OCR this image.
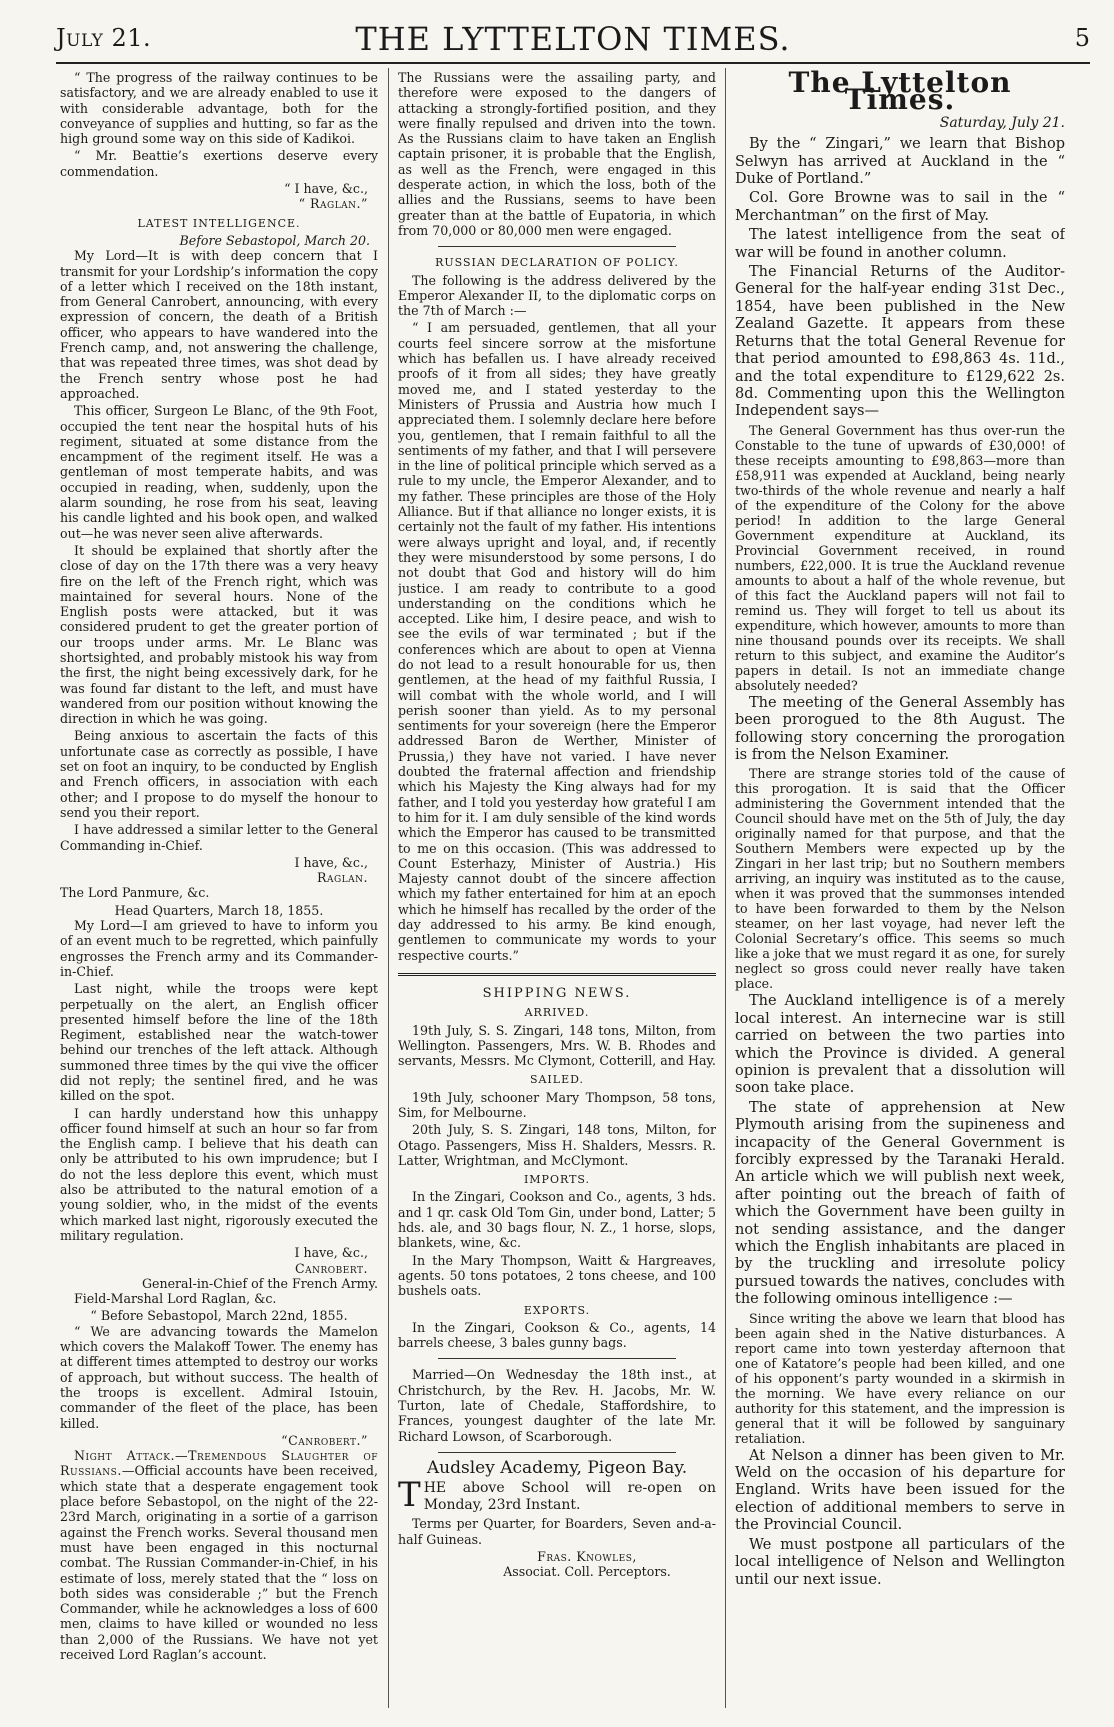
July 21.	THE LYTTELTON TIMES.	5

“ The progress of the railway continues to be satisfactory, and we are already enabled to use it with considerable advantage, both for the conveyance of supplies and hutting, so far as the high ground some way on this side of Kadikoi.

“ Mr. Beattie’s exertions deserve every commendation.

“ I have, &c.,
“ Raglan.”
LATEST INTELLIGENCE.
Before Sebastopol, March 20.

My Lord—It is with deep concern that I transmit for your Lordship’s information the copy of a letter which I received on the 18th instant, from General Canrobert, announcing, with every expression of concern, the death of a British officer, who appears to have wandered into the French camp, and, not answering the challenge, that was repeated three times, was shot dead by the French sentry whose post he had approached.

This officer, Surgeon Le Blanc, of the 9th Foot, occupied the tent near the hospital huts of his regiment, situated at some distance from the encampment of the regiment itself. He was a gentleman of most temperate habits, and was occupied in reading, when, suddenly, upon the alarm sounding, he rose from his seat, leaving his candle lighted and his book open, and walked out—he was never seen alive afterwards.

It should be explained that shortly after the close of day on the 17th there was a very heavy fire on the left of the French right, which was maintained for several hours. None of the English posts were attacked, but it was considered prudent to get the greater portion of our troops under arms. Mr. Le Blanc was shortsighted, and probably mistook his way from the first, the night being excessively dark, for he was found far distant to the left, and must have wandered from our position without knowing the direction in which he was going.

Being anxious to ascertain the facts of this unfortunate case as correctly as possible, I have set on foot an inquiry, to be conducted by English and French officers, in association with each other; and I propose to do myself the honour to send you their report.

I have addressed a similar letter to the General Commanding in-Chief.

I have, &c.,
Raglan.

The Lord Panmure, &c.

Head Quarters, March 18, 1855.

My Lord—I am grieved to have to inform you of an event much to be regretted, which painfully engrosses the French army and its Commander-in-Chief.

Last night, while the troops were kept perpetually on the alert, an English officer presented himself before the line of the 18th Regiment, established near the watch-tower behind our trenches of the left attack. Although summoned three times by the qui vive the officer did not reply; the sentinel fired, and he was killed on the spot.

I can hardly understand how this unhappy officer found himself at such an hour so far from the English camp. I believe that his death can only be attributed to his own imprudence; but I do not the less deplore this event, which must also be attributed to the natural emotion of a young soldier, who, in the midst of the events which marked last night, rigorously executed the military regulation.

I have, &c.,
Canrobert.
General-in-Chief of the French Army.

Field-Marshal Lord Raglan, &c.

“ Before Sebastopol, March 22nd, 1855.

“ We are advancing towards the Mamelon which covers the Malakoff Tower. The enemy has at different times attempted to destroy our works of approach, but without success. The health of the troops is excellent. Admiral Istouin, commander of the fleet of the place, has been killed.

“Canrobert.”

Night Attack.—Tremendous Slaughter of Russians.—Official accounts have been received, which state that a desperate engagement took place before Sebastopol, on the night of the 22-23rd March, originating in a sortie of a garrison against the French works. Several thousand men must have been engaged in this nocturnal combat. The Russian Commander-in-Chief, in his estimate of loss, merely stated that the “ loss on both sides was considerable ;” but the French Commander, while he acknowledges a loss of 600 men, claims to have killed or wounded no less than 2,000 of the Russians. We have not yet received Lord Raglan’s account.

The Russians were the assailing party, and therefore were exposed to the dangers of attacking a strongly-fortified position, and they were finally repulsed and driven into the town. As the Russians claim to have taken an English captain prisoner, it is probable that the English, as well as the French, were engaged in this desperate action, in which the loss, both of the allies and the Russians, seems to have been greater than at the battle of Eupatoria, in which from 70,000 or 80,000 men were engaged.

RUSSIAN DECLARATION OF POLICY.

The following is the address delivered by the Emperor Alexander II, to the diplomatic corps on the 7th of March :—

“ I am persuaded, gentlemen, that all your courts feel sincere sorrow at the misfortune which has befallen us. I have already received proofs of it from all sides; they have greatly moved me, and I stated yesterday to the Ministers of Prussia and Austria how much I appreciated them. I solemnly declare here before you, gentlemen, that I remain faithful to all the sentiments of my father, and that I will persevere in the line of political principle which served as a rule to my uncle, the Emperor Alexander, and to my father. These principles are those of the Holy Alliance. But if that alliance no longer exists, it is certainly not the fault of my father. His intentions were always upright and loyal, and, if recently they were misunderstood by some persons, I do not doubt that God and history will do him justice. I am ready to contribute to a good understanding on the conditions which he accepted. Like him, I desire peace, and wish to see the evils of war terminated ; but if the conferences which are about to open at Vienna do not lead to a result honourable for us, then gentlemen, at the head of my faithful Russia, I will combat with the whole world, and I will perish sooner than yield. As to my personal sentiments for your sovereign (here the Emperor addressed Baron de Werther, Minister of Prussia,) they have not varied. I have never doubted the fraternal affection and friendship which his Majesty the King always had for my father, and I told you yesterday how grateful I am to him for it. I am duly sensible of the kind words which the Emperor has caused to be transmitted to me on this occasion. (This was addressed to Count Esterhazy, Minister of Austria.) His Majesty cannot doubt of the sincere affection which my father entertained for him at an epoch which he himself has recalled by the order of the day addressed to his army. Be kind enough, gentlemen to communicate my words to your respective courts.”

SHIPPING NEWS.
ARRIVED.

19th July, S. S. Zingari, 148 tons, Milton, from Wellington. Passengers, Mrs. W. B. Rhodes and servants, Messrs. Mc Clymont, Cotterill, and Hay.

SAILED.

19th July, schooner Mary Thompson, 58 tons, Sim, for Melbourne.

20th July, S. S. Zingari, 148 tons, Milton, for Otago. Passengers, Miss H. Shalders, Messrs. R. Latter, Wrightman, and McClymont.

IMPORTS.

In the Zingari, Cookson and Co., agents, 3 hds. and 1 qr. cask Old Tom Gin, under bond, Latter; 5 hds. ale, and 30 bags flour, N. Z., 1 horse, slops, blankets, wine, &c.

In the Mary Thompson, Waitt & Hargreaves, agents. 50 tons potatoes, 2 tons cheese, and 100 bushels oats.

EXPORTS.

In the Zingari, Cookson & Co., agents, 14 barrels cheese, 3 bales gunny bags.

Married—On Wednesday the 18th inst., at Christchurch, by the Rev. H. Jacobs, Mr. W. Turton, late of Chedale, Staffordshire, to Frances, youngest daughter of the late Mr. Richard Lowson, of Scarborough.

Audsley Academy, Pigeon Bay.

THE above School will re-open on Monday, 23rd Instant.

Terms per Quarter, for Boarders, Seven and-a-half Guineas.

Fras. Knowles,
Associat. Coll. Perceptors.
The Lyttelton Times.
Saturday, July 21.

By the “ Zingari,” we learn that Bishop Selwyn has arrived at Auckland in the “ Duke of Portland.”

Col. Gore Browne was to sail in the “ Merchantman” on the first of May.

The latest intelligence from the seat of war will be found in another column.

The Financial Returns of the Auditor-General for the half-year ending 31st Dec., 1854, have been published in the New Zealand Gazette. It appears from these Returns that the total General Revenue for that period amounted to £98,863 4s. 11d., and the total expenditure to £129,622 2s. 8d. Commenting upon this the Wellington Independent says—

The General Government has thus over-run the Constable to the tune of upwards of £30,000! of these receipts amounting to £98,863—more than £58,911 was expended at Auckland, being nearly two-thirds of the whole revenue and nearly a half of the expenditure of the Colony for the above period! In addition to the large General Government expenditure at Auckland, its Provincial Government received, in round numbers, £22,000. It is true the Auckland revenue amounts to about a half of the whole revenue, but of this fact the Auckland papers will not fail to remind us. They will forget to tell us about its expenditure, which however, amounts to more than nine thousand pounds over its receipts. We shall return to this subject, and examine the Auditor’s papers in detail. Is not an immediate change absolutely needed?

The meeting of the General Assembly has been prorogued to the 8th August. The following story concerning the prorogation is from the Nelson Examiner.

There are strange stories told of the cause of this prorogation. It is said that the Officer administering the Government intended that the Council should have met on the 5th of July, the day originally named for that purpose, and that the Southern Members were expected up by the Zingari in her last trip; but no Southern members arriving, an inquiry was instituted as to the cause, when it was proved that the summonses intended to have been forwarded to them by the Nelson steamer, on her last voyage, had never left the Colonial Secretary’s office. This seems so much like a joke that we must regard it as one, for surely neglect so gross could never really have taken place.

The Auckland intelligence is of a merely local interest. An internecine war is still carried on between the two parties into which the Province is divided. A general opinion is prevalent that a dissolution will soon take place.

The state of apprehension at New Plymouth arising from the supineness and incapacity of the General Government is forcibly expressed by the Taranaki Herald. An article which we will publish next week, after pointing out the breach of faith of which the Government have been guilty in not sending assistance, and the danger which the English inhabitants are placed in by the truckling and irresolute policy pursued towards the natives, concludes with the following ominous intelligence :—

Since writing the above we learn that blood has been again shed in the Native disturbances. A report came into town yesterday afternoon that one of Katatore’s people had been killed, and one of his opponent’s party wounded in a skirmish in the morning. We have every reliance on our authority for this statement, and the impression is general that it will be followed by sanguinary retaliation.

At Nelson a dinner has been given to Mr. Weld on the occasion of his departure for England. Writs have been issued for the election of additional members to serve in the Provincial Council.

We must postpone all particulars of the local intelligence of Nelson and Wellington until our next issue.
